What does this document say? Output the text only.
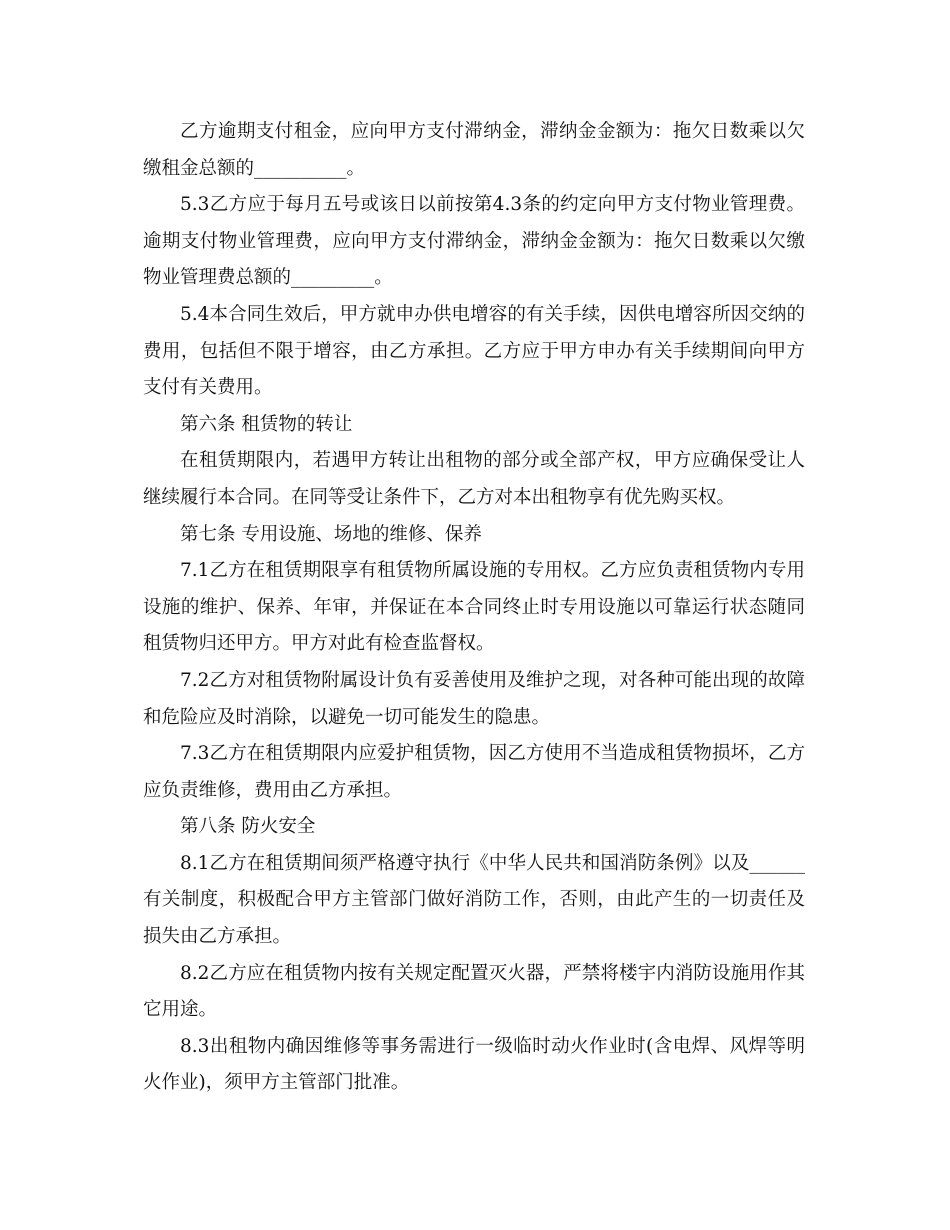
乙方逾期支付租金，应向甲方支付滞纳金，滞纳金金额为：拖欠日数乘以欠缴租金总额的__________。

5.3乙方应于每月五号或该日以前按第4.3条的约定向甲方支付物业管理费。逾期支付物业管理费，应向甲方支付滞纳金，滞纳金金额为：拖欠日数乘以欠缴物业管理费总额的_________。

5.4本合同生效后，甲方就申办供电增容的有关手续，因供电增容所因交纳的费用，包括但不限于增容，由乙方承担。乙方应于甲方申办有关手续期间向甲方支付有关费用。

第六条 租赁物的转让

在租赁期限内，若遇甲方转让出租物的部分或全部产权，甲方应确保受让人继续履行本合同。在同等受让条件下，乙方对本出租物享有优先购买权。

第七条 专用设施、场地的维修、保养

7.1乙方在租赁期限享有租赁物所属设施的专用权。乙方应负责租赁物内专用设施的维护、保养、年审，并保证在本合同终止时专用设施以可靠运行状态随同租赁物归还甲方。甲方对此有检查监督权。

7.2乙方对租赁物附属设计负有妥善使用及维护之现，对各种可能出现的故障和危险应及时消除，以避免一切可能发生的隐患。

7.3乙方在租赁期限内应爱护租赁物，因乙方使用不当造成租赁物损坏，乙方应负责维修，费用由乙方承担。

第八条 防火安全

8.1乙方在租赁期间须严格遵守执行《中华人民共和国消防条例》以及______有关制度，积极配合甲方主管部门做好消防工作，否则，由此产生的一切责任及损失由乙方承担。

8.2乙方应在租赁物内按有关规定配置灭火器，严禁将楼宇内消防设施用作其它用途。

8.3出租物内确因维修等事务需进行一级临时动火作业时(含电焊、风焊等明火作业)，须甲方主管部门批准。
